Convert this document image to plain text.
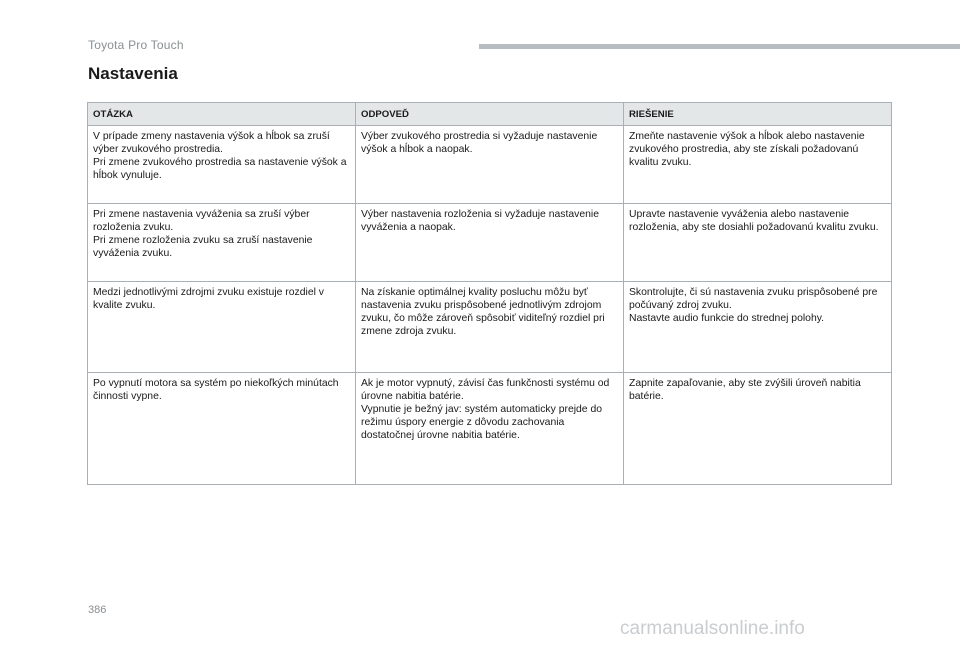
Toyota Pro Touch
Nastavenia
OTÁZKA	ODPOVEĎ	RIEŠENIE
V prípade zmeny nastavenia výšok a hĺbok sa zruší výber zvukového prostredia.
Pri zmene zvukového prostredia sa nastavenie výšok a hĺbok vynuluje.	Výber zvukového prostredia si vyžaduje nastavenie výšok a hĺbok a naopak.	Zmeňte nastavenie výšok a hĺbok alebo nastavenie zvukového prostredia, aby ste získali požadovanú kvalitu zvuku.
Pri zmene nastavenia vyváženia sa zruší výber rozloženia zvuku.
Pri zmene rozloženia zvuku sa zruší nastavenie vyváženia zvuku.	Výber nastavenia rozloženia si vyžaduje nastavenie vyváženia a naopak.	Upravte nastavenie vyváženia alebo nastavenie rozloženia, aby ste dosiahli požadovanú kvalitu zvuku.
Medzi jednotlivými zdrojmi zvuku existuje rozdiel v kvalite zvuku.	Na získanie optimálnej kvality posluchu môžu byť nastavenia zvuku prispôsobené jednotlivým zdrojom zvuku, čo môže zároveň spôsobiť viditeľný rozdiel pri zmene zdroja zvuku.	Skontrolujte, či sú nastavenia zvuku prispôsobené pre počúvaný zdroj zvuku.
Nastavte audio funkcie do strednej polohy.
Po vypnutí motora sa systém po niekoľkých minútach činnosti vypne.	Ak je motor vypnutý, závisí čas funkčnosti systému od úrovne nabitia batérie.
Vypnutie je bežný jav: systém automaticky prejde do režimu úspory energie z dôvodu zachovania dostatočnej úrovne nabitia batérie.	Zapnite zapaľovanie, aby ste zvýšili úroveň nabitia batérie.
386
carmanualsonline.info
